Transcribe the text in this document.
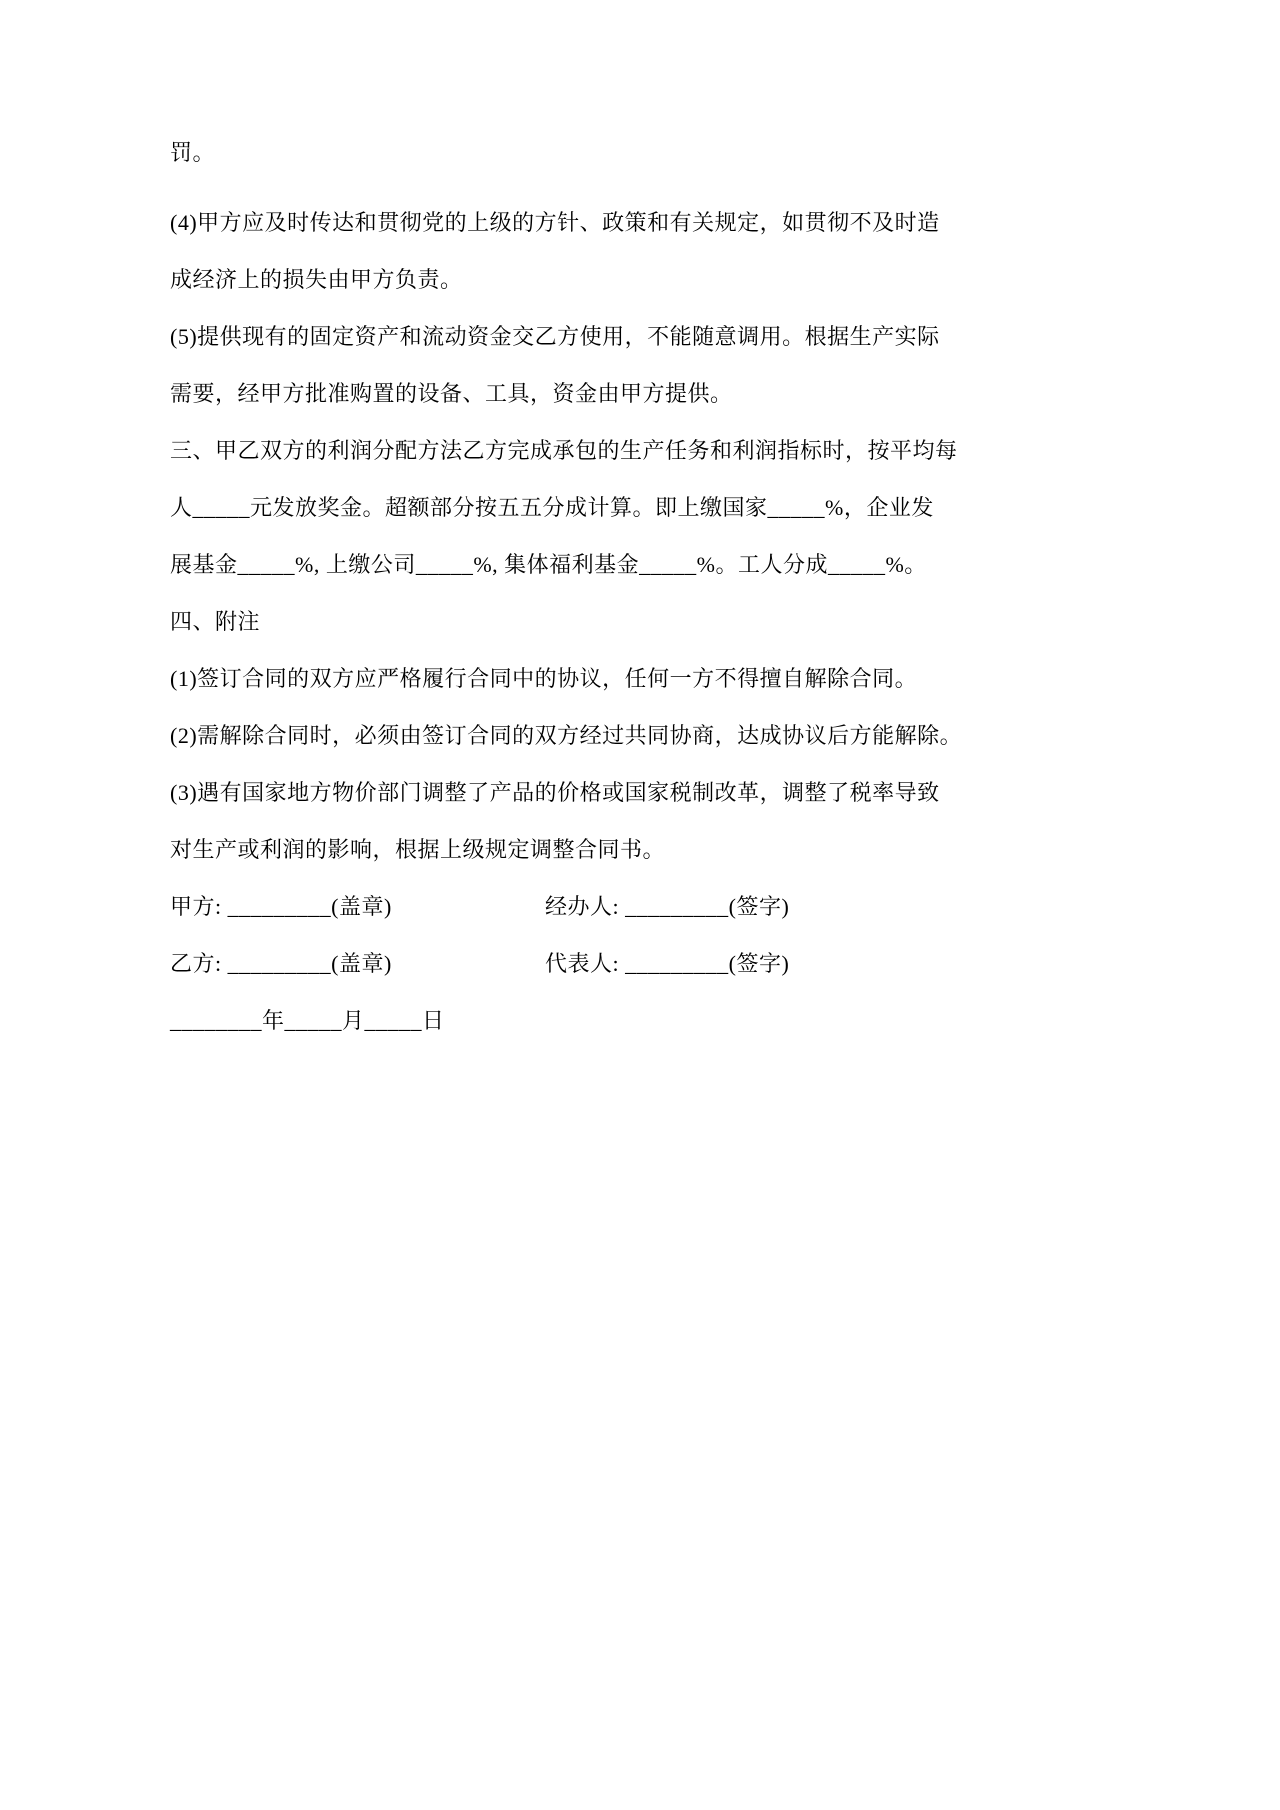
罚。
(4)甲方应及时传达和贯彻党的上级的方针、政策和有关规定，如贯彻不及时造
成经济上的损失由甲方负责。
(5)提供现有的固定资产和流动资金交乙方使用，不能随意调用。根据生产实际
需要，经甲方批准购置的设备、工具，资金由甲方提供。
三、甲乙双方的利润分配方法乙方完成承包的生产任务和利润指标时，按平均每
人_____元发放奖金。超额部分按五五分成计算。即上缴国家_____%，企业发
展基金_____%, 上缴公司_____%, 集体福利基金_____%。工人分成_____%。
四、附注
(1)签订合同的双方应严格履行合同中的协议，任何一方不得擅自解除合同。
(2)需解除合同时，必须由签订合同的双方经过共同协商，达成协议后方能解除。
(3)遇有国家地方物价部门调整了产品的价格或国家税制改革，调整了税率导致
对生产或利润的影响，根据上级规定调整合同书。
甲方: _________(盖章)	经办人: _________(签字)
乙方: _________(盖章)	代表人: _________(签字)
________年_____月_____日
